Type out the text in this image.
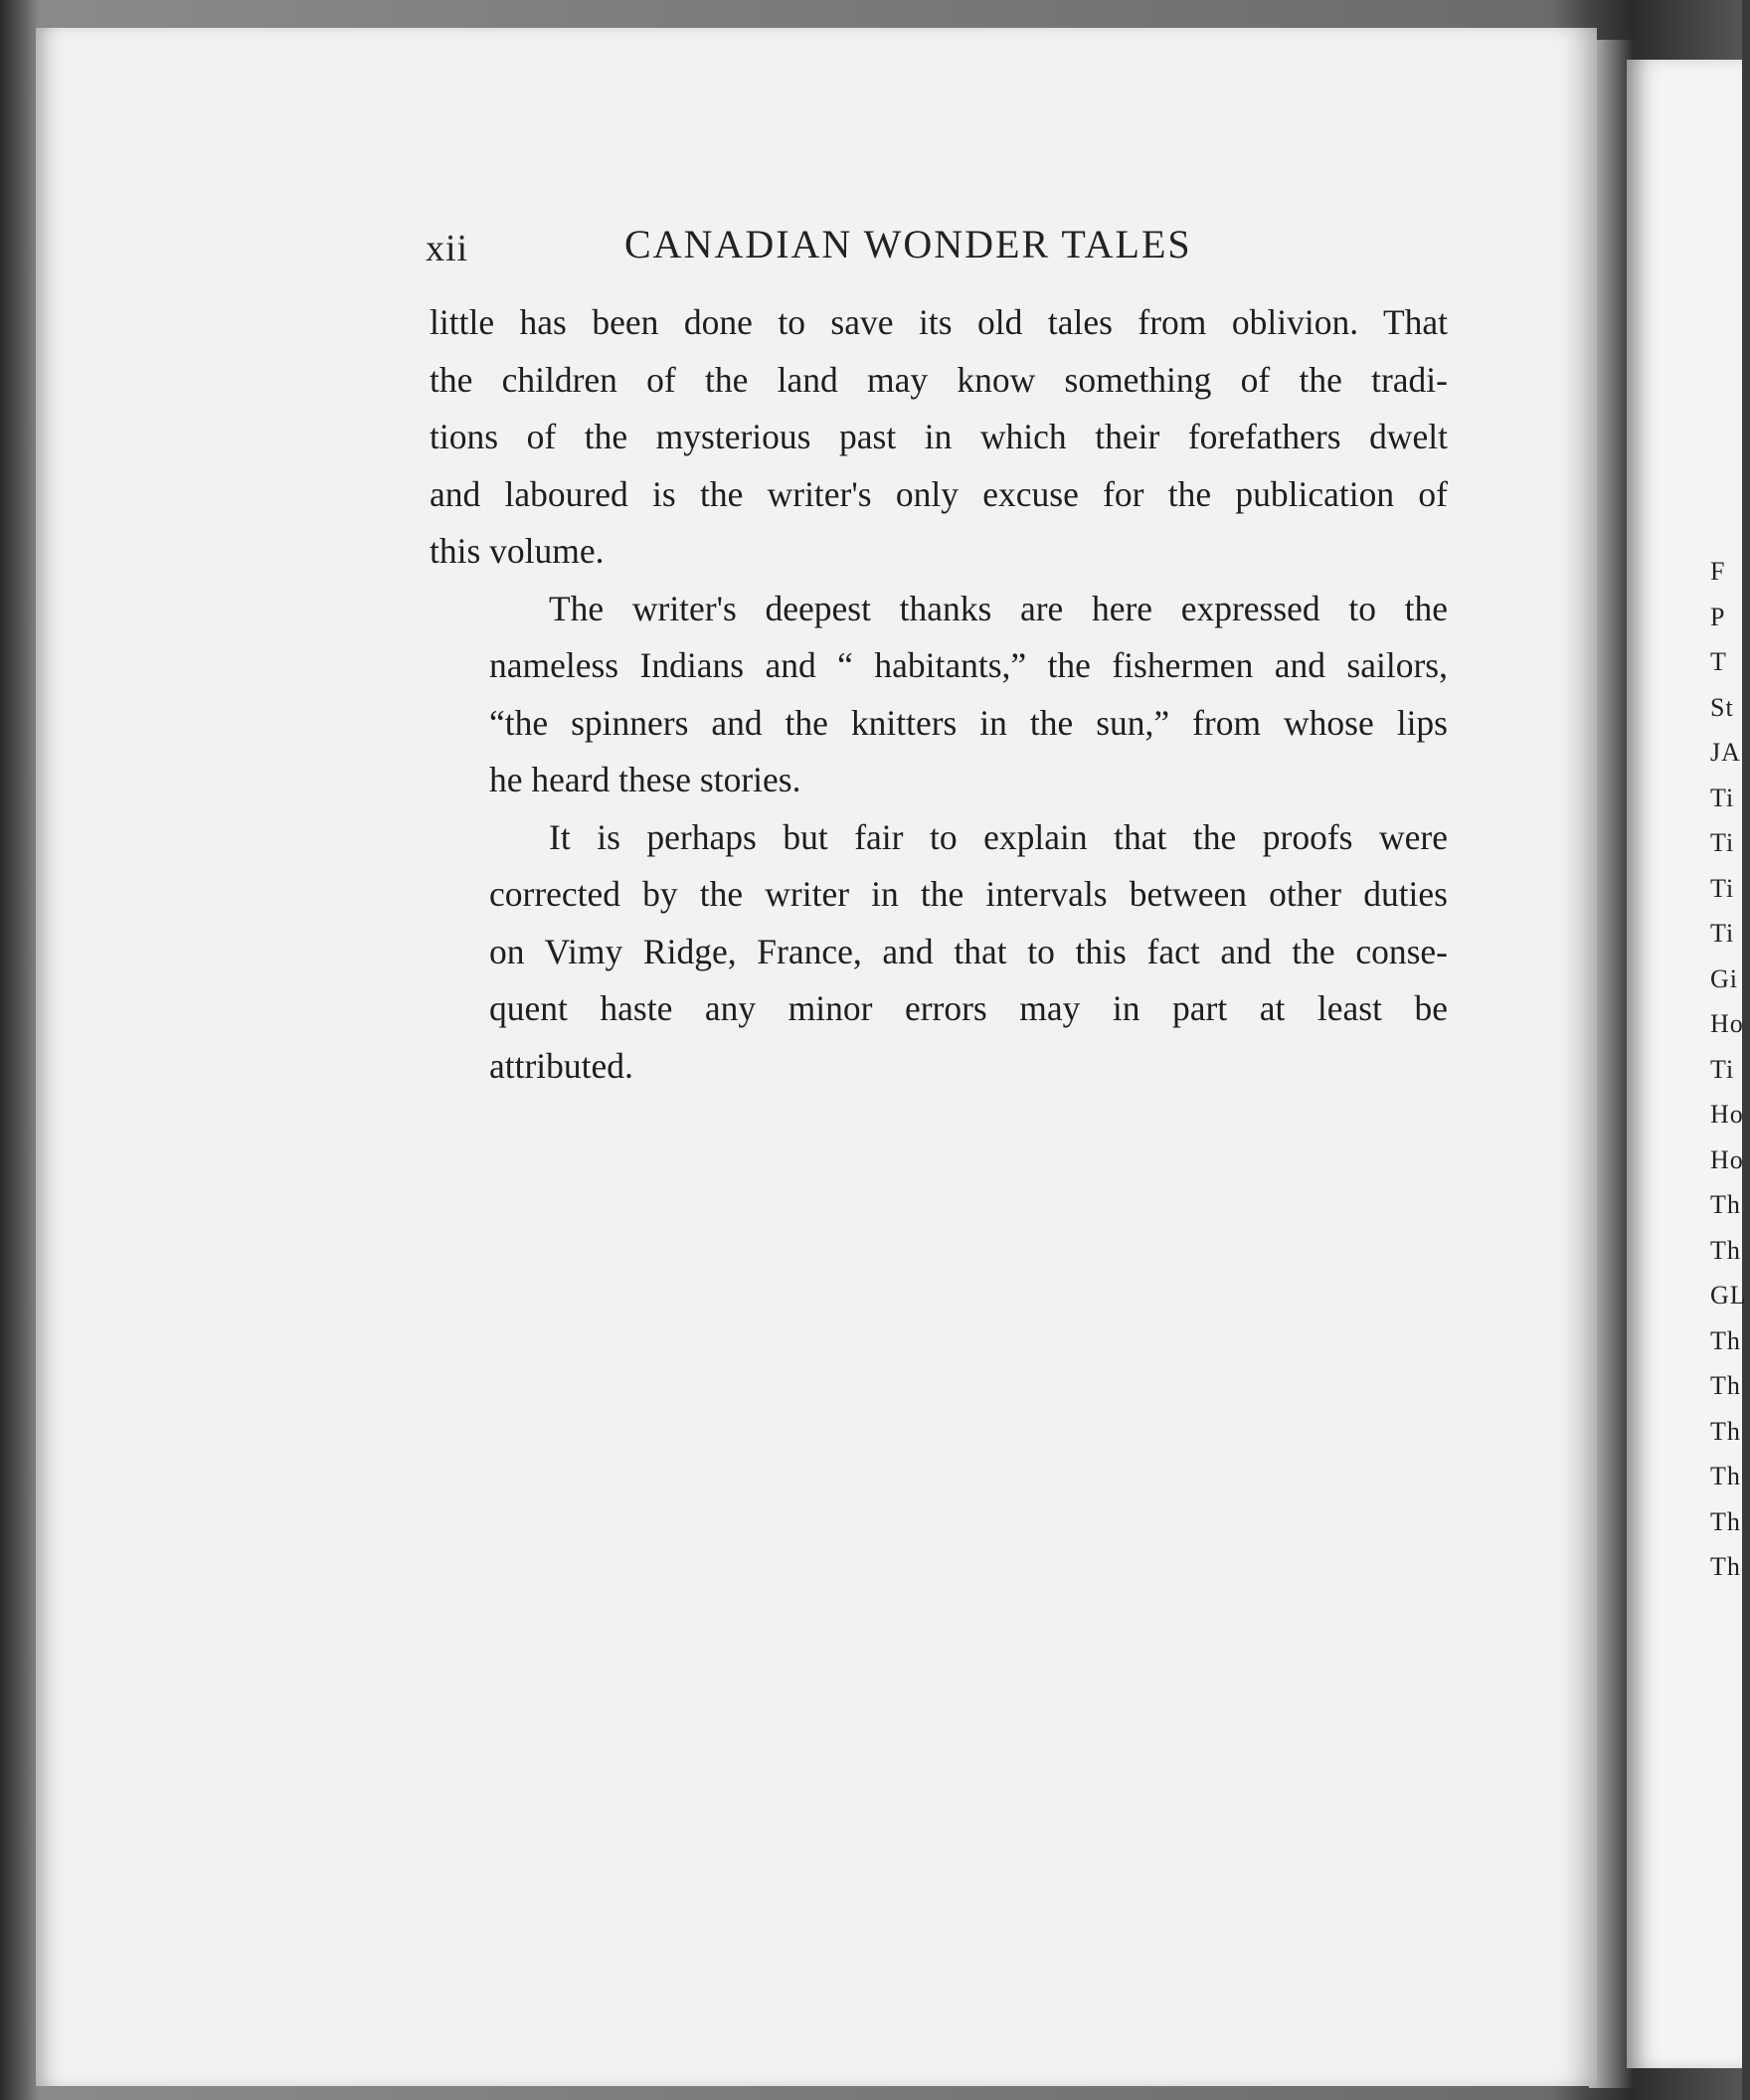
xii	CANADIAN WONDER TALES

little has been done to save its old tales from oblivion. That
the children of the land may know something of the tradi-
tions of the mysterious past in which their forefathers dwelt
and laboured is the writer's only excuse for the publication of
this volume.

The writer's deepest thanks are here expressed to the
nameless Indians and “ habitants,” the fishermen and sailors,
“the spinners and the knitters in the sun,” from whose lips
he heard these stories.

It is perhaps but fair to explain that the proofs were
corrected by the writer in the intervals between other duties
on Vimy Ridge, France, and that to this fact and the conse-
quent haste any minor errors may in part at least be
attributed.

F
P
T
St
JA
Ti
Ti
Ti
Ti
Gi
Ho
Ti
Ho
Ho
Th
Th
GL
Th
Th
Th
Th
Th
Th
